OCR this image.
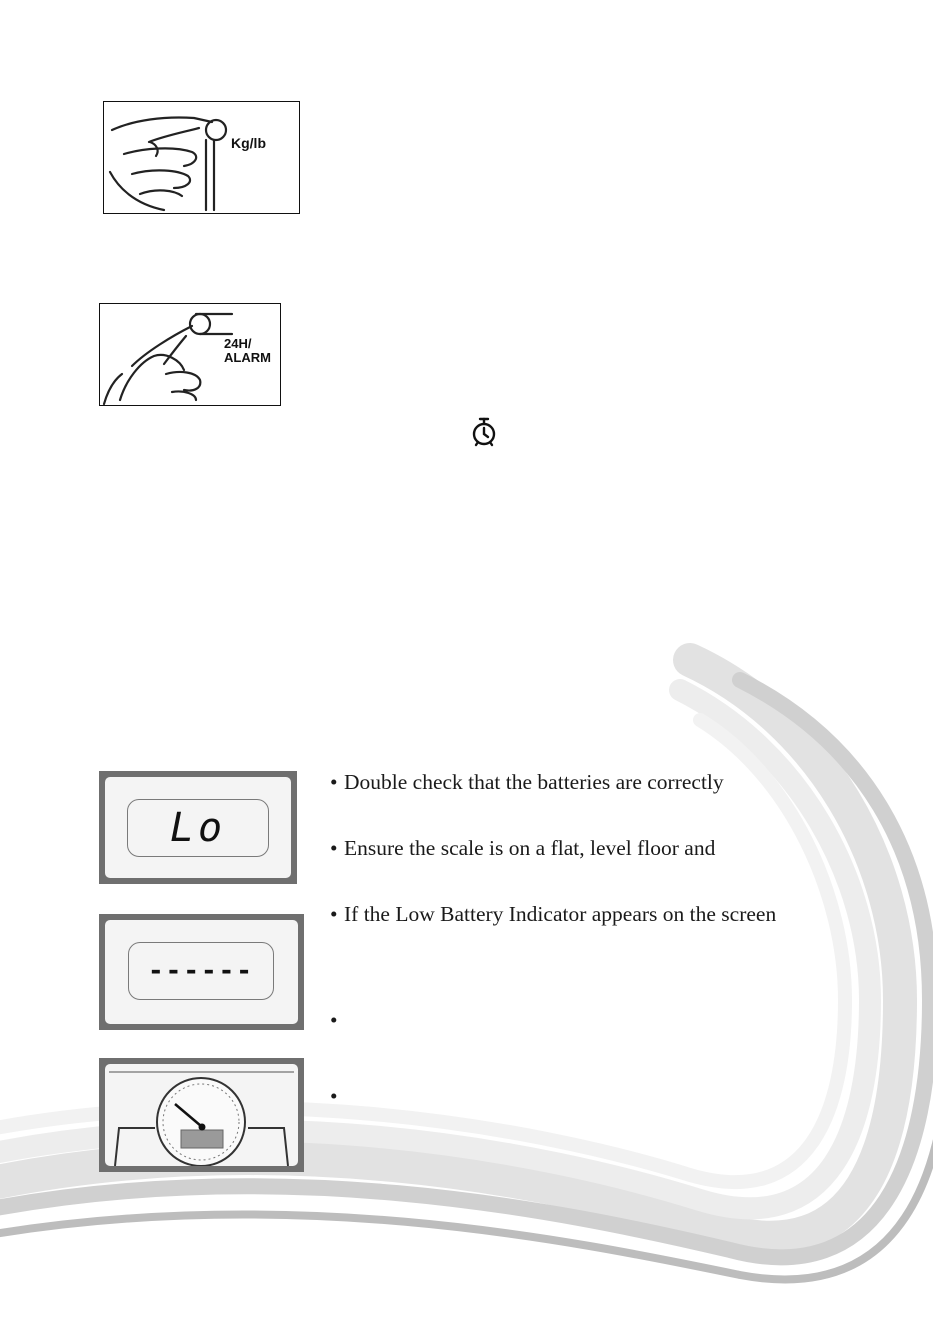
Kg/lb
24H/
ALARM
Lo
------
• Double check that the batteries are correctly
• Ensure the scale is on a flat, level floor and
• If the Low Battery Indicator appears on the screen
•
•
